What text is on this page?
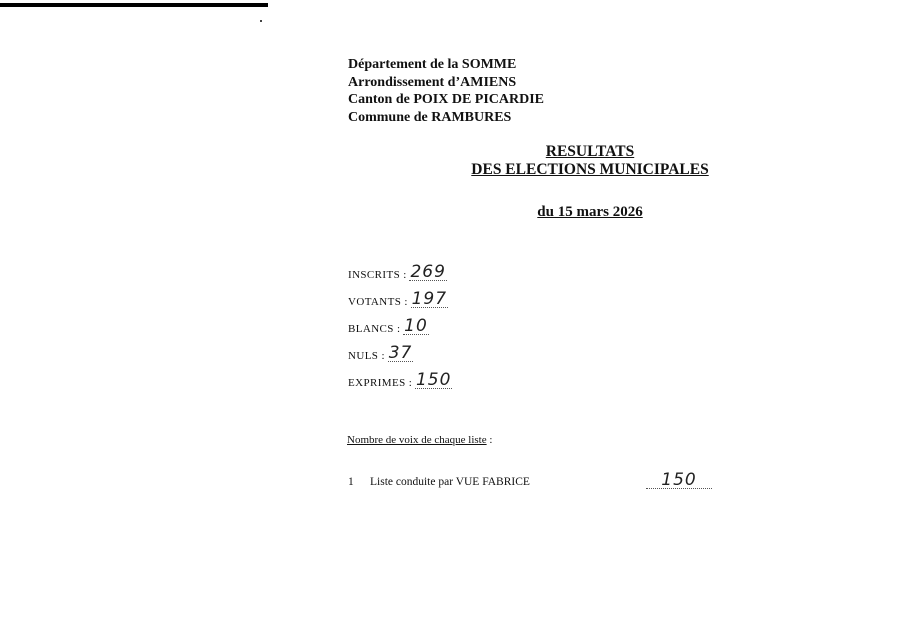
Département de la SOMME
Arrondissement d’AMIENS
Canton de POIX DE PICARDIE
Commune de RAMBURES
RESULTATS
DES ELECTIONS MUNICIPALES
du 15 mars 2026
INSCRITS : 269
VOTANTS : 197
BLANCS : 10
NULS : 37
EXPRIMES : 150
Nombre de voix de chaque liste :
1 Liste conduite par VUE FABRICE	150
